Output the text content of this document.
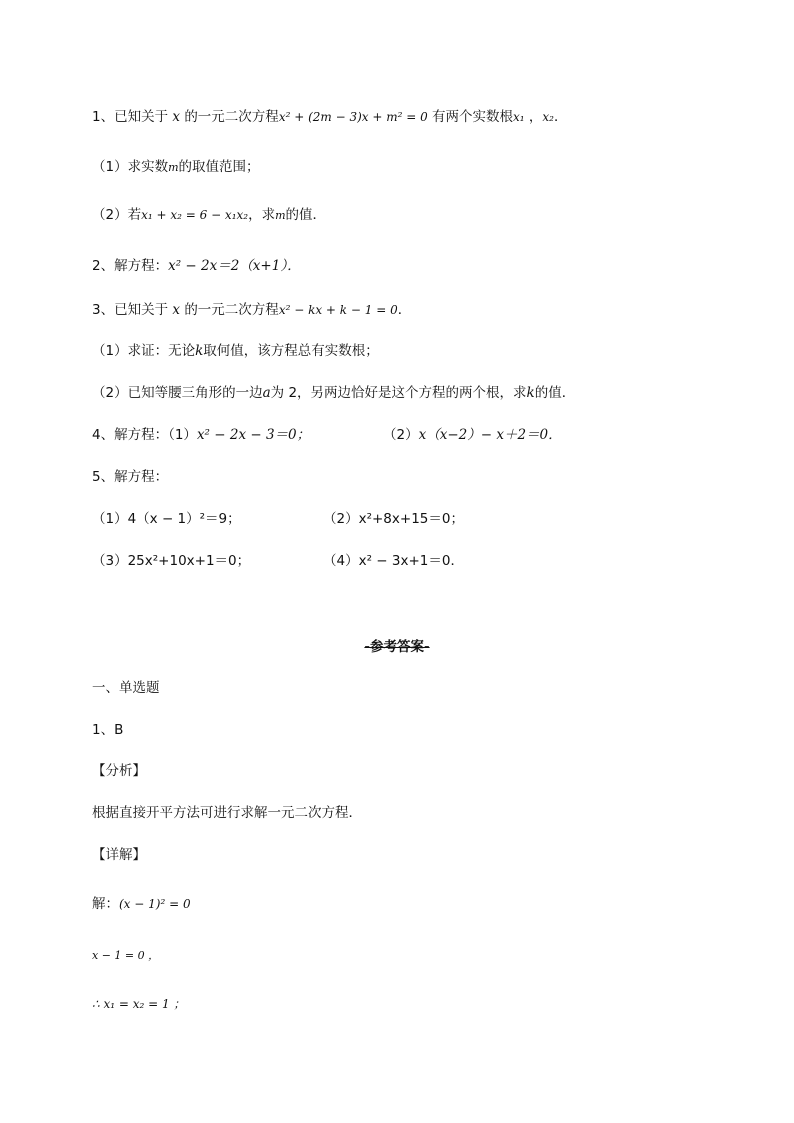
1、已知关于 x 的一元二次方程x² + (2m − 3)x + m² = 0 有两个实数根x₁ ，x₂．
（1）求实数m的取值范围；
（2）若x₁ + x₂ = 6 − x₁x₂，求m的值．
2、解方程：x² − 2x＝2（x+1）．
3、已知关于 x 的一元二次方程x² − kx + k − 1 = 0．
（1）求证：无论k取何值，该方程总有实数根；
（2）已知等腰三角形的一边a为 2，另两边恰好是这个方程的两个根，求k的值．
4、解方程：（1）x² − 2x − 3＝0；	（2）x（x−2）− x＋2＝0．
5、解方程：
（1）4（x − 1）²＝9；	（2）x²+8x+15＝0；
（3）25x²+10x+1＝0；	（4）x² − 3x+1＝0．
-参考答案-
一、单选题
1、B
【分析】
根据直接开平方法可进行求解一元二次方程．
【详解】
解：(x − 1)² = 0
x − 1 = 0 ，
∴ x₁ = x₂ = 1 ；
